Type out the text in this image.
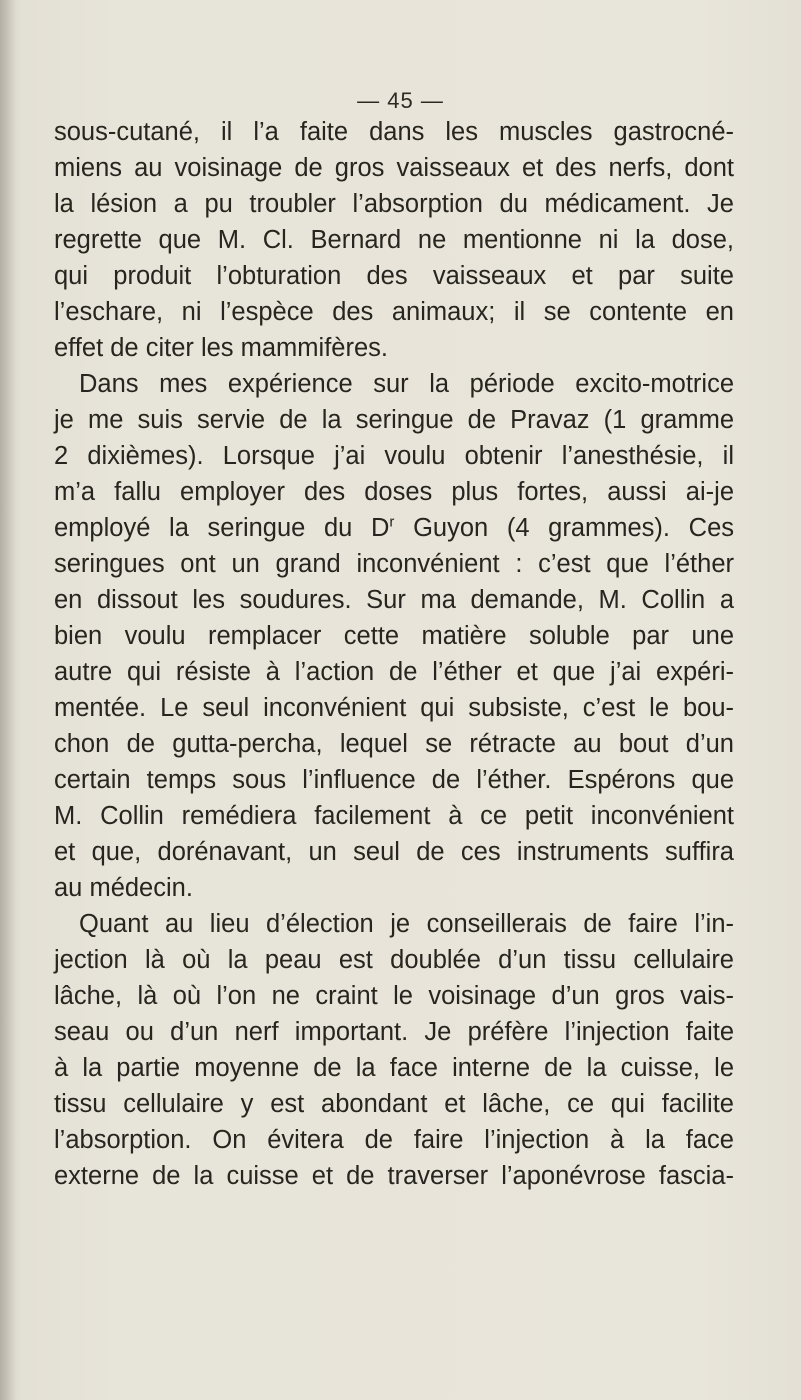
— 45 —
sous-cutané, il l’a faite dans les muscles gastrocné-
miens au voisinage de gros vaisseaux et des nerfs, dont
la lésion a pu troubler l’absorption du médicament. Je
regrette que M. Cl. Bernard ne mentionne ni la dose,
qui produit l’obturation des vaisseaux et par suite
l’eschare, ni l’espèce des animaux; il se contente en
effet de citer les mammifères.
Dans mes expérience sur la période excito-motrice
je me suis servie de la seringue de Pravaz (1 gramme
2 dixièmes). Lorsque j’ai voulu obtenir l’anesthésie, il
m’a fallu employer des doses plus fortes, aussi ai-je
employé la seringue du $D^r$ Guyon (4 grammes). Ces
seringues ont un grand inconvénient : c’est que l’éther
en dissout les soudures. Sur ma demande, M. Collin a
bien voulu remplacer cette matière soluble par une
autre qui résiste à l’action de l’éther et que j’ai expéri-
mentée. Le seul inconvénient qui subsiste, c’est le bou-
chon de gutta-percha, lequel se rétracte au bout d’un
certain temps sous l’influence de l’éther. Espérons que
M. Collin remédiera facilement à ce petit inconvénient
et que, dorénavant, un seul de ces instruments suffira
au médecin.
Quant au lieu d’élection je conseillerais de faire l’in-
jection là où la peau est doublée d’un tissu cellulaire
lâche, là où l’on ne craint le voisinage d’un gros vais-
seau ou d’un nerf important. Je préfère l’injection faite
à la partie moyenne de la face interne de la cuisse, le
tissu cellulaire y est abondant et lâche, ce qui facilite
l’absorption. On évitera de faire l’injection à la face
externe de la cuisse et de traverser l’aponévrose fascia-
